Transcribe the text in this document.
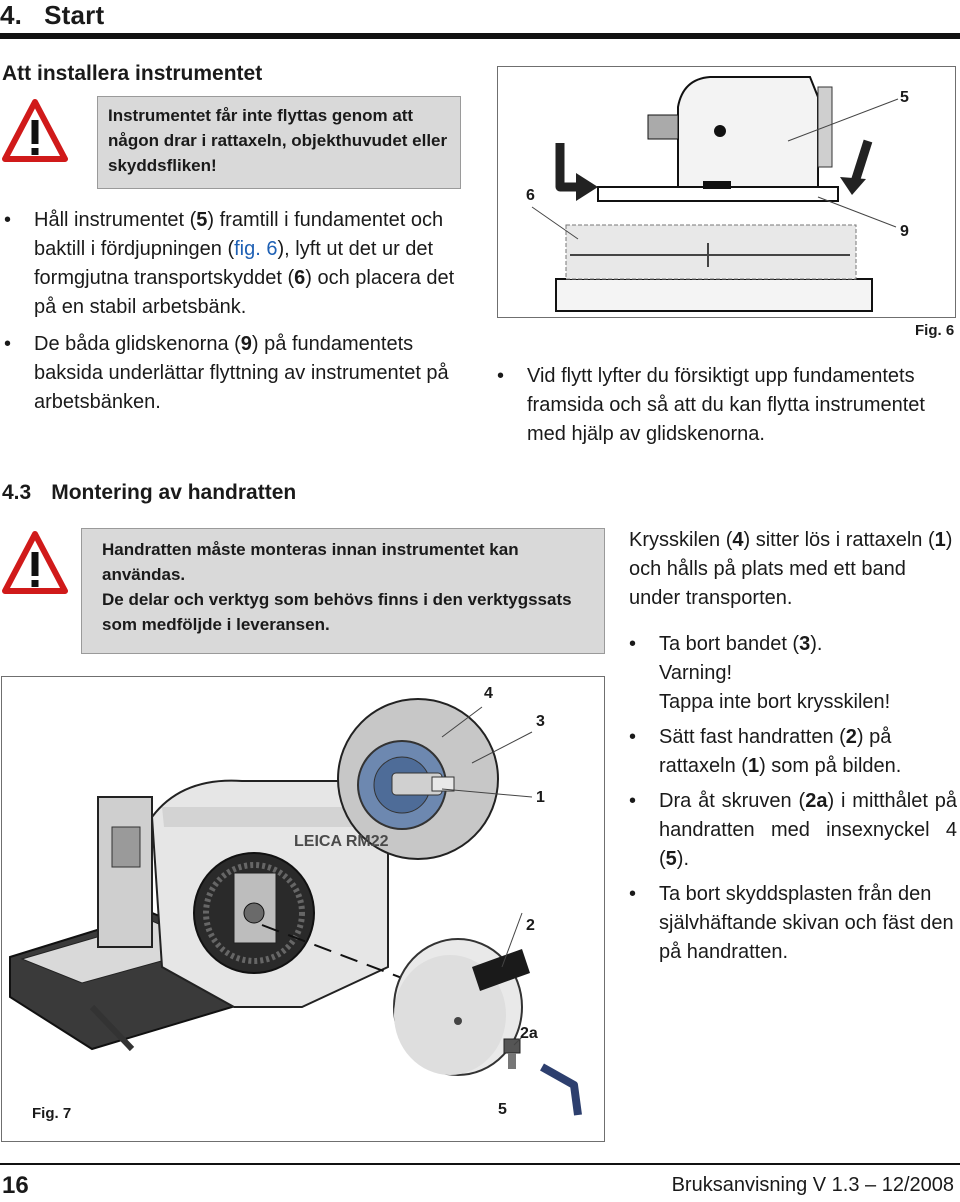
4. Start
Att installera instrumentet
Instrumentet får inte flyttas genom att någon drar i rattaxeln, objekthuvudet eller skyddsfliken!
• Håll instrumentet (5) framtill i fundamentet och baktill i fördjupningen (fig. 6), lyft ut det ur det formgjutna transportskyddet (6) och placera det på en stabil arbetsbänk.
• De båda glidskenorna (9) på fundamentets baksida underlättar flyttning av instrumentet på arbetsbänken.
5
6
9
Fig. 6
• Vid flytt lyfter du försiktigt upp fundamentets framsida och så att du kan flytta instrumentet med hjälp av glidskenorna.
4.3 Montering av handratten
Handratten måste monteras innan instrumentet kan användas.
De delar och verktyg som behövs finns i den verktygssats som medföljde i leveransen.
Krysskilen (4) sitter lös i rattaxeln (1) och hålls på plats med ett band under transporten.
• Ta bort bandet (3).
Varning!
Tappa inte bort krysskilen!
• Sätt fast handratten (2) på rattaxeln (1) som på bilden.
• Dra åt skruven (2a) i mitthålet på handratten med insexnyckel 4 (5).
• Ta bort skyddsplasten från den självhäftande skivan och fäst den på handratten.
LEICA RM22
4
3
1
2
2a
5
Fig. 7
16	Bruksanvisning V 1.3 – 12/2008
